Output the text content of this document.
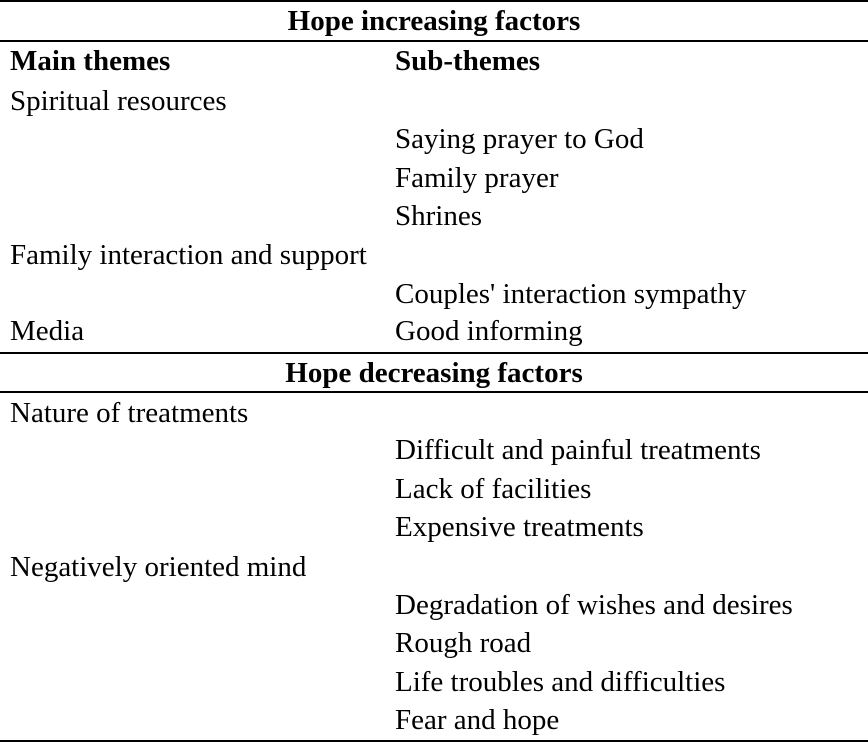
Hope increasing factors
Main themes	Sub-themes
Spiritual resources
Saying prayer to God
Family prayer
Shrines
Family interaction and support
Couples' interaction sympathy
Media	Good informing
Hope decreasing factors
Nature of treatments
Difficult and painful treatments
Lack of facilities
Expensive treatments
Negatively oriented mind
Degradation of wishes and desires
Rough road
Life troubles and difficulties
Fear and hope
